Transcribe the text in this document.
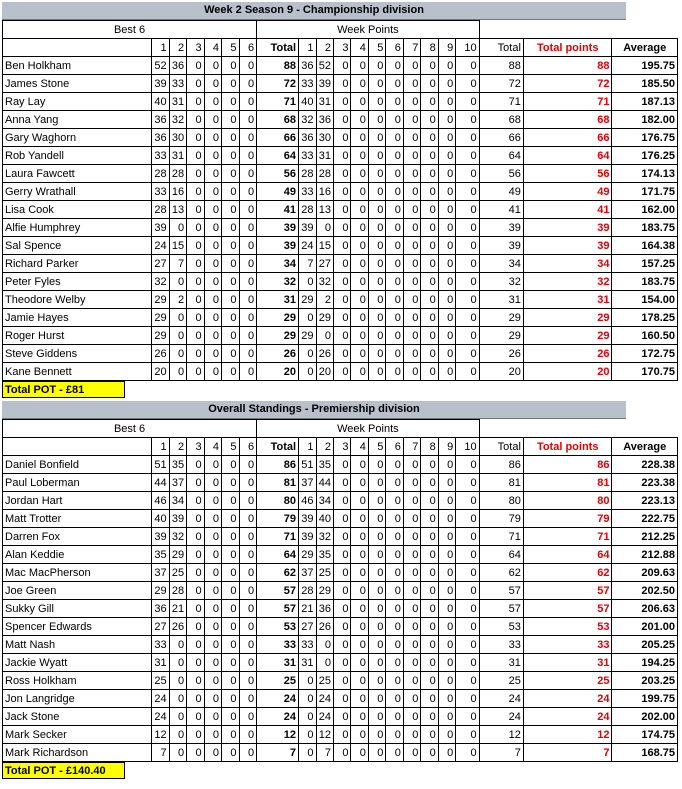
Week 2 Season 9 - Championship division
Best 6							Week Points													
	1	2	3	4	5	6	Total	1	2	3	4	5	6	7	8	9	10	Total	Total points	Average
Ben Holkham	52	36	0	0	0	0	88	36	52	0	0	0	0	0	0	0	0	88	88	195.75
James Stone	39	33	0	0	0	0	72	33	39	0	0	0	0	0	0	0	0	72	72	185.50
Ray Lay	40	31	0	0	0	0	71	40	31	0	0	0	0	0	0	0	0	71	71	187.13
Anna Yang	36	32	0	0	0	0	68	32	36	0	0	0	0	0	0	0	0	68	68	182.00
Gary Waghorn	36	30	0	0	0	0	66	36	30	0	0	0	0	0	0	0	0	66	66	176.75
Rob Yandell	33	31	0	0	0	0	64	33	31	0	0	0	0	0	0	0	0	64	64	176.25
Laura Fawcett	28	28	0	0	0	0	56	28	28	0	0	0	0	0	0	0	0	56	56	174.13
Gerry Wrathall	33	16	0	0	0	0	49	33	16	0	0	0	0	0	0	0	0	49	49	171.75
Lisa Cook	28	13	0	0	0	0	41	28	13	0	0	0	0	0	0	0	0	41	41	162.00
Alfie Humphrey	39	0	0	0	0	0	39	39	0	0	0	0	0	0	0	0	0	39	39	183.75
Sal Spence	24	15	0	0	0	0	39	24	15	0	0	0	0	0	0	0	0	39	39	164.38
Richard Parker	27	7	0	0	0	0	34	7	27	0	0	0	0	0	0	0	0	34	34	157.25
Peter Fyles	32	0	0	0	0	0	32	0	32	0	0	0	0	0	0	0	0	32	32	183.75
Theodore Welby	29	2	0	0	0	0	31	29	2	0	0	0	0	0	0	0	0	31	31	154.00
Jamie Hayes	29	0	0	0	0	0	29	0	29	0	0	0	0	0	0	0	0	29	29	178.25
Roger Hurst	29	0	0	0	0	0	29	29	0	0	0	0	0	0	0	0	0	29	29	160.50
Steve Giddens	26	0	0	0	0	0	26	0	26	0	0	0	0	0	0	0	0	26	26	172.75
Kane Bennett	20	0	0	0	0	0	20	0	20	0	0	0	0	0	0	0	0	20	20	170.75
Total POT - £81
Overall Standings - Premiership division
Best 6							Week Points													
	1	2	3	4	5	6	Total	1	2	3	4	5	6	7	8	9	10	Total	Total points	Average
Daniel Bonfield	51	35	0	0	0	0	86	51	35	0	0	0	0	0	0	0	0	86	86	228.38
Paul Loberman	44	37	0	0	0	0	81	37	44	0	0	0	0	0	0	0	0	81	81	223.38
Jordan Hart	46	34	0	0	0	0	80	46	34	0	0	0	0	0	0	0	0	80	80	223.13
Matt Trotter	40	39	0	0	0	0	79	39	40	0	0	0	0	0	0	0	0	79	79	222.75
Darren Fox	39	32	0	0	0	0	71	39	32	0	0	0	0	0	0	0	0	71	71	212.25
Alan Keddie	35	29	0	0	0	0	64	29	35	0	0	0	0	0	0	0	0	64	64	212.88
Mac MacPherson	37	25	0	0	0	0	62	37	25	0	0	0	0	0	0	0	0	62	62	209.63
Joe Green	29	28	0	0	0	0	57	28	29	0	0	0	0	0	0	0	0	57	57	202.50
Sukky Gill	36	21	0	0	0	0	57	21	36	0	0	0	0	0	0	0	0	57	57	206.63
Spencer Edwards	27	26	0	0	0	0	53	27	26	0	0	0	0	0	0	0	0	53	53	201.00
Matt Nash	33	0	0	0	0	0	33	33	0	0	0	0	0	0	0	0	0	33	33	205.25
Jackie Wyatt	31	0	0	0	0	0	31	31	0	0	0	0	0	0	0	0	0	31	31	194.25
Ross Holkham	25	0	0	0	0	0	25	0	25	0	0	0	0	0	0	0	0	25	25	203.25
Jon Langridge	24	0	0	0	0	0	24	0	24	0	0	0	0	0	0	0	0	24	24	199.75
Jack Stone	24	0	0	0	0	0	24	0	24	0	0	0	0	0	0	0	0	24	24	202.00
Mark Secker	12	0	0	0	0	0	12	0	12	0	0	0	0	0	0	0	0	12	12	174.75
Mark Richardson	7	0	0	0	0	0	7	0	7	0	0	0	0	0	0	0	0	7	7	168.75
Total POT - £140.40
